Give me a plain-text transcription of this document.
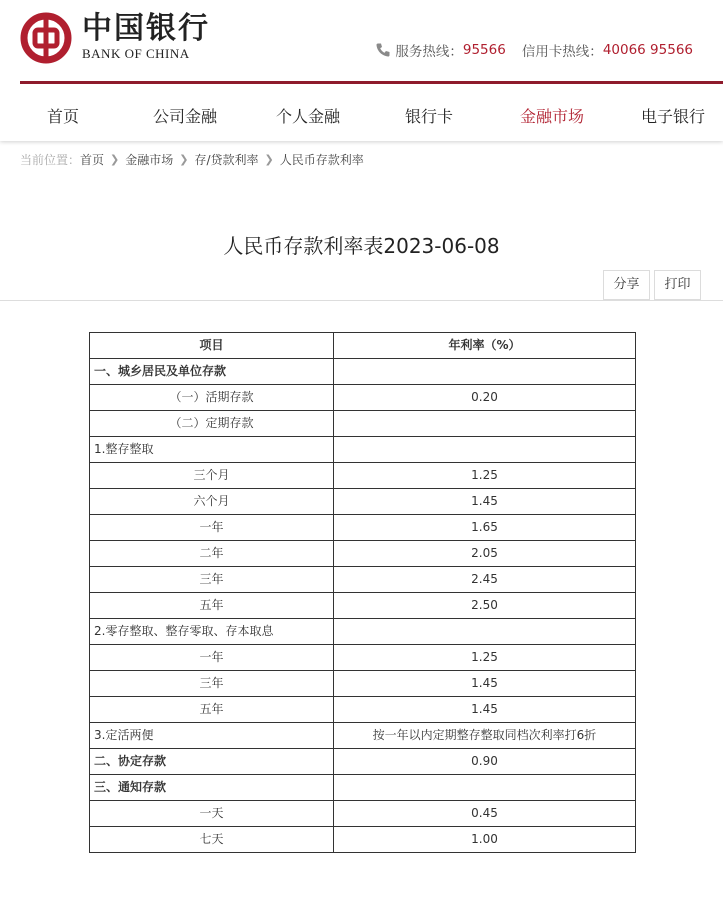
中国银行
BANK OF CHINA	服务热线： 95566 信用卡热线： 40066 95566
首页	公司金融	个人金融	银行卡	金融市场	电子银行
当前位置： 首页 ❯ 金融市场 ❯ 存/贷款利率 ❯ 人民币存款利率
人民币存款利率表2023-06-08
分享	打印
项目	年利率（%）
一、城乡居民及单位存款	
（一）活期存款	0.20
（二）定期存款	
1.整存整取	
三个月	1.25
六个月	1.45
一年	1.65
二年	2.05
三年	2.45
五年	2.50
2.零存整取、整存零取、存本取息	
一年	1.25
三年	1.45
五年	1.45
3.定活两便	按一年以内定期整存整取同档次利率打6折
二、协定存款	0.90
三、通知存款	
一天	0.45
七天	1.00
